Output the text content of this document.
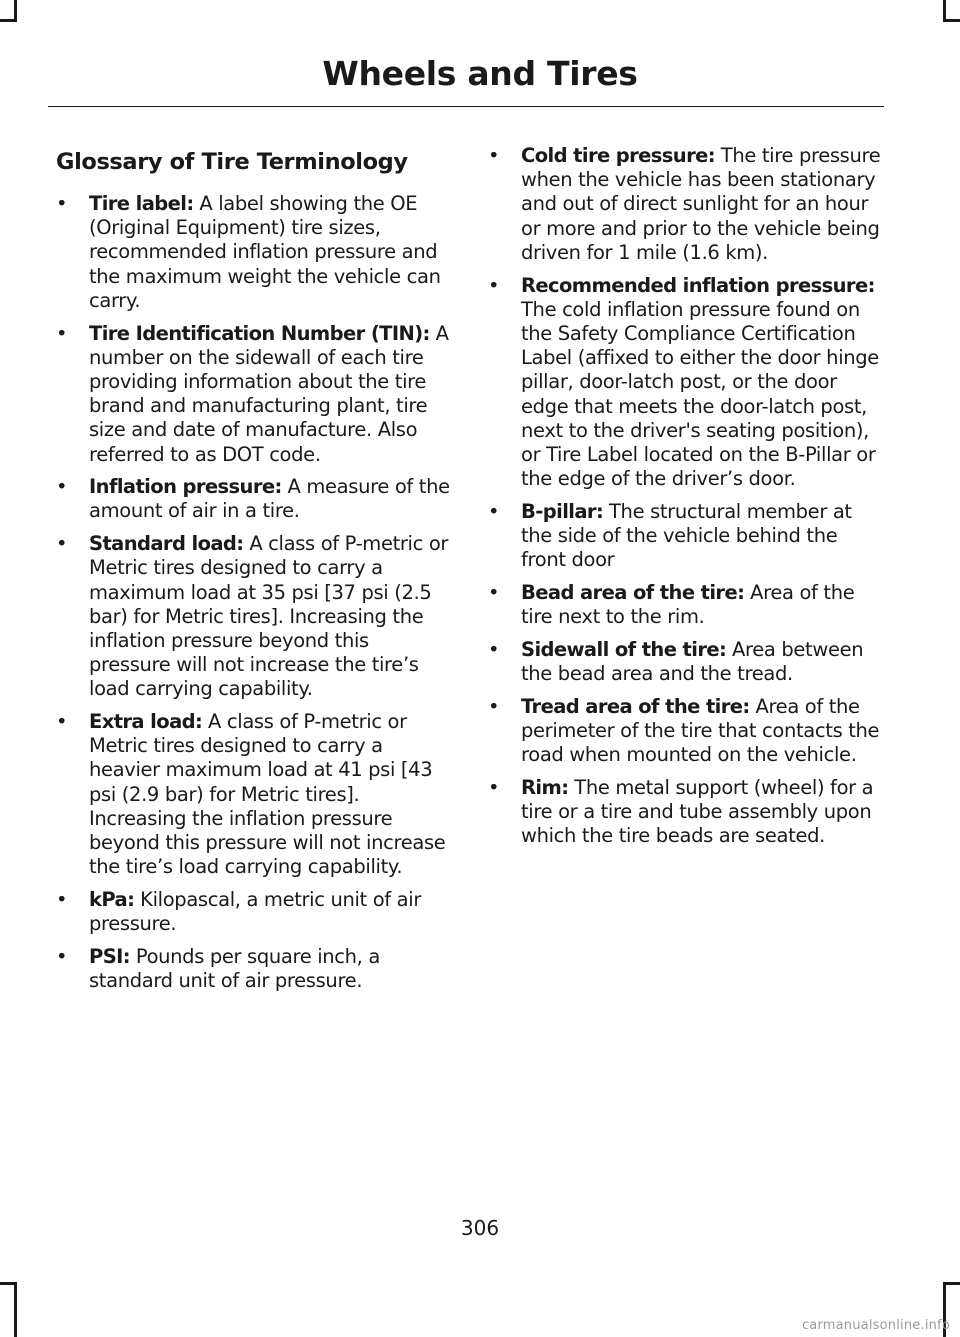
Wheels and Tires
Glossary of Tire Terminology
• Tire label: A label showing the OE (Original Equipment) tire sizes, recommended inflation pressure and the maximum weight the vehicle can carry.
• Tire Identification Number (TIN): A number on the sidewall of each tire providing information about the tire brand and manufacturing plant, tire size and date of manufacture. Also referred to as DOT code.
• Inflation pressure: A measure of the amount of air in a tire.
• Standard load: A class of P-metric or Metric tires designed to carry a maximum load at 35 psi [37 psi (2.5 bar) for Metric tires]. Increasing the inflation pressure beyond this pressure will not increase the tire’s load carrying capability.
• Extra load: A class of P-metric or Metric tires designed to carry a heavier maximum load at 41 psi [43 psi (2.9 bar) for Metric tires]. Increasing the inflation pressure beyond this pressure will not increase the tire’s load carrying capability.
• kPa: Kilopascal, a metric unit of air pressure.
• PSI: Pounds per square inch, a standard unit of air pressure.
• Cold tire pressure: The tire pressure when the vehicle has been stationary and out of direct sunlight for an hour or more and prior to the vehicle being driven for 1 mile (1.6 km).
• Recommended inflation pressure: The cold inflation pressure found on the Safety Compliance Certification Label (affixed to either the door hinge pillar, door-latch post, or the door edge that meets the door-latch post, next to the driver's seating position), or Tire Label located on the B-Pillar or the edge of the driver’s door.
• B-pillar: The structural member at the side of the vehicle behind the front door
• Bead area of the tire: Area of the tire next to the rim.
• Sidewall of the tire: Area between the bead area and the tread.
• Tread area of the tire: Area of the perimeter of the tire that contacts the road when mounted on the vehicle.
• Rim: The metal support (wheel) for a tire or a tire and tube assembly upon which the tire beads are seated.
306
carmanualsonline.info
